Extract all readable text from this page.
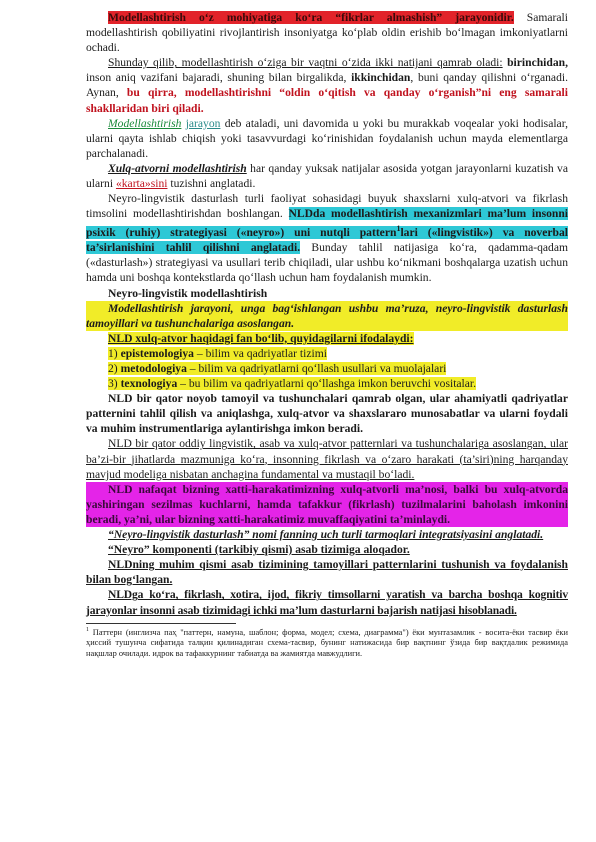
Modellashtirish o‘z mohiyatiga ko‘ra “fikrlar almashish” jarayonidir. Samarali modellashtirish qobiliyatini rivojlantirish insoniyatga ko‘plab oldin erishib bo‘lmagan imkoniyatlarni ochadi.

Shunday qilib, modellashtirish o‘ziga bir vaqtni o‘zida ikki natijani qamrab oladi: birinchidan, inson aniq vazifani bajaradi, shuning bilan birgalikda, ikkinchidan, buni qanday qilishni o‘rganadi. Aynan, bu qirra, modellashtirishni “oldin o‘qitish va qanday o‘rganish”ni eng samarali shakllaridan biri qiladi.

Modellashtirish jarayon deb ataladi, uni davomida u yoki bu murakkab voqealar yoki hodisalar, ularni qayta ishlab chiqish yoki tasavvurdagi ko‘rinishidan foydalanish uchun mayda elementlarga parchalanadi.

Xulq-atvorni modellashtirish har qanday yuksak natijalar asosida yotgan jarayonlarni kuzatish va ularni «karta»sini tuzishni anglatadi.

Neyro-lingvistik dasturlash turli faoliyat sohasidagi buyuk shaxslarni xulq-atvori va fikrlash timsolini modellashtirishdan boshlangan. NLDda modellashtirish mexanizmlari ma’lum insonni psixik (ruhiy) strategiyasi («neyro») uni nutqli pattern$^1$lari («lingvistik») va noverbal ta’sirlanishini tahlil qilishni anglatadi. Bunday tahlil natijasiga ko‘ra, qadamma-qadam («dasturlash») strategiyasi va usullari terib chiqiladi, ular ushbu ko‘nikmani boshqalarga uzatish uchun hamda uni boshqa kontekstlarda qo‘llash uchun ham foydalanish mumkin.

Neyro-lingvistik modellashtirish

Modellashtirish jarayoni, unga bag‘ishlangan ushbu ma’ruza, neyro-lingvistik dasturlash tamoyillari va tushunchalariga asoslangan.

NLD xulq-atvor haqidagi fan bo‘lib, quyidagilarni ifodalaydi:

1) epistemologiya – bilim va qadriyatlar tizimi

2) metodologiya – bilim va qadriyatlarni qo‘llash usullari va muolajalari

3) texnologiya – bu bilim va qadriyatlarni qo‘llashga imkon beruvchi vositalar.

NLD bir qator noyob tamoyil va tushunchalari qamrab olgan, ular ahamiyatli qadriyatlar patternini tahlil qilish va aniqlashga, xulq-atvor va shaxslararo munosabatlar va ularni foydali va muhim instrumentlariga aylantirishga imkon beradi.

NLD bir qator oddiy lingvistik, asab va xulq-atvor patternlari va tushunchalariga asoslangan, ular ba’zi-bir jihatlarda mazmuniga ko‘ra, insonning fikrlash va o‘zaro harakati (ta’siri)ning harqanday mavjud modeliga nisbatan anchagina fundamental va mustaqil bo‘ladi.

NLD nafaqat bizning xatti-harakatimizning xulq-atvorli ma’nosi, balki bu xulq-atvorda yashiringan sezilmas kuchlarni, hamda tafakkur (fikrlash) tuzilmalarini baholash imkonini beradi, ya’ni, ular bizning xatti-harakatimiz muvaffaqiyatini ta’minlaydi.

“Neyro-lingvistik dasturlash” nomi fanning uch turli tarmoqlari integratsiyasini anglatadi.

“Neyro” komponenti (tarkibiy qismi) asab tizimiga aloqador.

NLDning muhim qismi asab tizimining tamoyillari patternlarini tushunish va foydalanish bilan bog‘langan.

NLDga ko‘ra, fikrlash, xotira, ijod, fikriy timsollarni yaratish va barcha boshqa kognitiv jarayonlar insonni asab tizimidagi ichki ma’lum dasturlarni bajarish natijasi hisoblanadi.

$^1$ Паттерн (инглизча паҳ "паттерн, намуна, шаблон; форма, модел; схема, диаграмма") ёки мунтазамлик - восита-ёки тасвир ёки ҳиссий тушунча сифатида талқин қилинадиган схема-тасвир, бунинг натижасида бир вақтнинг ўзида бир вақтдалик режимида нақшлар очилади. идрок ва тафаккурнинг табиатда ва жамиятда мавжудлиги.
